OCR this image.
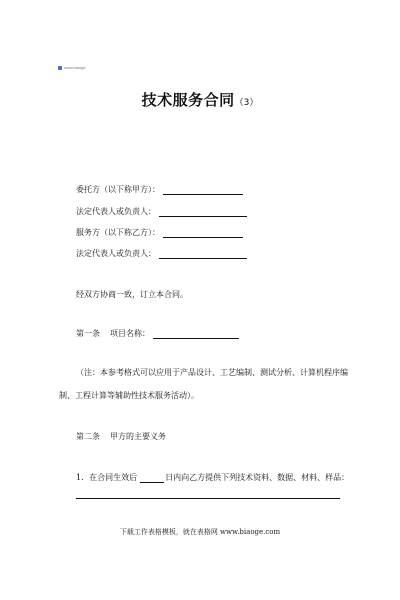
www.biaoge
技术服务合同（3）
委托方（以下称甲方）：
法定代表人或负责人：
服务方（以下称乙方）：
法定代表人或负责人：
经双方协商一致，订立本合同。
第一条 项目名称：
（注：本参考格式可以应用于产品设计、工艺编制、测试分析、计算机程序编
制、工程计算等辅助性技术服务活动）。
第二条 甲方的主要义务
1．在合同生效后	日内向乙方提供下列技术资料、数据、材料、样品：
下载工作表格模板，就在表格网 www.biaoge.com
